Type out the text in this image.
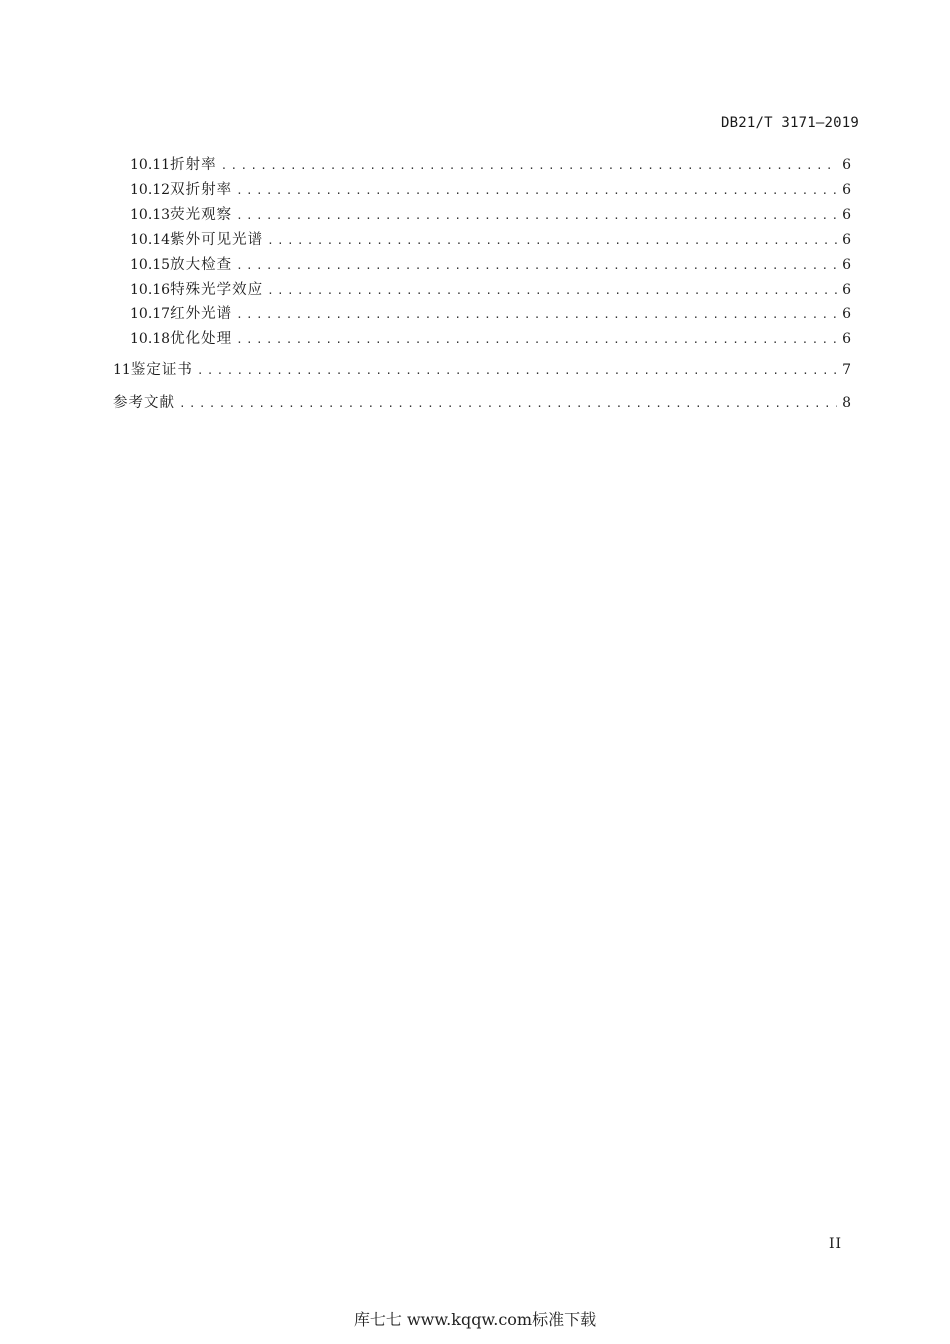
DB21/T 3171—2019
10.11 折射率 .....	6
10.12 双折射率 .....	6
10.13 荧光观察 .....	6
10.14 紫外可见光谱 .....	6
10.15 放大检查 .....	6
10.16 特殊光学效应 .....	6
10.17 红外光谱 .....	6
10.18 优化处理 .....	6
11 鉴定证书 .....	7
参考文献 .....	8
II
库七七 www.kqqw.com标准下载
